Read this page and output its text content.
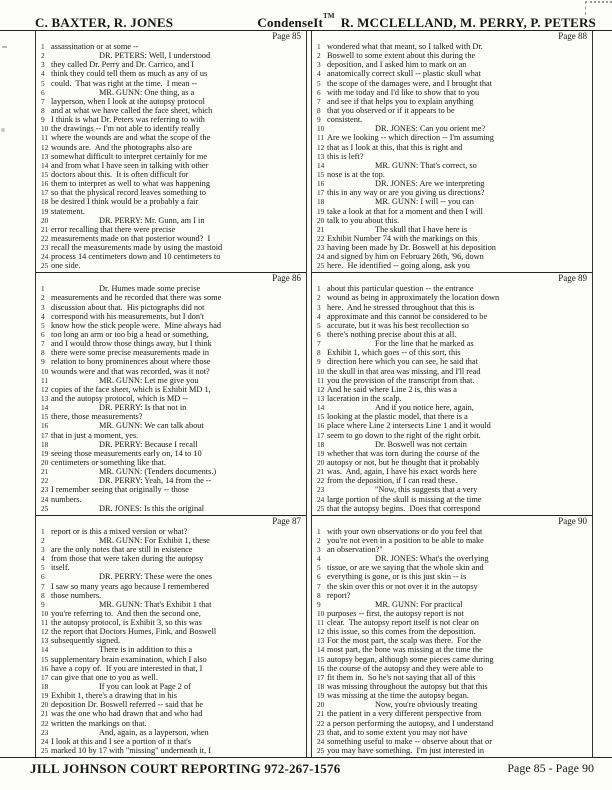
C. BAXTER, R. JONES	CondenseIt™ R. MCCLELLAND, M. PERRY, P. PETERS
Page 85
1 assassination or at some --
2	DR. PETERS: Well, I understood
3 they called Dr. Perry and Dr. Carrico, and I
4 think they could tell them as much as any of us
5 could.  That was right at the time.  I mean --
6	MR. GUNN: One thing, as a
7 layperson, when I look at the autopsy protocol
8 and at what we have called the face sheet, which
9 I think is what Dr. Peters was referring to with
10 the drawings -- I'm not able to identify really
11 where the wounds are and what the scope of the
12 wounds are.  And the photographs also are
13 somewhat difficult to interpret certainly for me
14 and from what I have seen in talking with other
15 doctors about this.  It is often difficult for
16 them to interpret as well to what was happening
17 so that the physical record leaves something to
18 be desired I think would be a probably a fair
19 statement.
20	DR. PERRY: Mr. Gunn, am I in
21 error recalling that there were precise
22 measurements made on that posterior wound?  I
23 recall the measurements made by using the mastoid
24 process 14 centimeters down and 10 centimeters to
25 one side.
Page 86
1	Dr. Humes made some precise
2 measurements and he recorded that there was some
3 discussion about that.  His pictographs did not
4 correspond with his measurements, but I don't
5 know how the stick people were.  Mine always had
6 too long an arm or too big a head or something,
7 and I would throw those things away, but I think
8 there were some precise measurements made in
9 relation to bony prominences about where those
10 wounds were and that was recorded, was it not?
11	MR. GUNN: Let me give you
12 copies of the face sheet, which is Exhibit MD 1,
13 and the autopsy protocol, which is MD --
14	DR. PERRY: Is that not in
15 there, those measurements?
16	MR. GUNN: We can talk about
17 that in just a moment, yes.
18	DR. PERRY: Because I recall
19 seeing those measurements early on, 14 to 10
20 centimeters or something like that.
21	MR. GUNN: (Tenders documents.)
22	DR. PERRY: Yeah, 14 from the --
23 I remember seeing that originally -- those
24 numbers.
25	DR. JONES: Is this the original
Page 87
1 report or is this a mixed version or what?
2	MR. GUNN: For Exhibit 1, these
3 are the only notes that are still in existence
4 from those that were taken during the autopsy
5 itself.
6	DR. PERRY: These were the ones
7 I saw so many years ago because I remembered
8 those numbers.
9	MR. GUNN: That's Exhibit 1 that
10 you're referring to.  And then the second one,
11 the autopsy protocol, is Exhibit 3, so this was
12 the report that Doctors Humes, Fink, and Boswell
13 subsequently signed.
14	There is in addition to this a
15 supplementary brain examination, which I also
16 have a copy of.  If you are interested in that, I
17 can give that one to you as well.
18	If you can look at Page 2 of
19 Exhibit 1, there's a drawing that in his
20 deposition Dr. Boswell referred -- said that he
21 was the one who had drawn that and who had
22 written the markings on that.
23	And, again, as a layperson, when
24 I look at this and I see a portion of it that's
25 marked 10 by 17 with "missing" underneath it, I
Page 88
1 wondered what that meant, so I talked with Dr.
2 Boswell to some extent about this during the
3 deposition, and I asked him to mark on an
4 anatomically correct skull -- plastic skull what
5 the scope of the damages were, and I brought that
6 with me today and I'd like to show that to you
7 and see if that helps you to explain anything
8 that you observed or if it appears to be
9 consistent.
10	DR. JONES: Can you orient me?
11 Are we looking -- which direction -- I'm assuming
12 that as I look at this, that this is right and
13 this is left?
14	MR. GUNN: That's correct, so
15 nose is at the top.
16	DR. JONES: Are we interpreting
17 this in any way or are you giving us directions?
18	MR. GUNN: I will -- you can
19 take a look at that for a moment and then I will
20 talk to you about this.
21	The skull that I have here is
22 Exhibit Number 74 with the markings on this
23 having been made by Dr. Boswell at his deposition
24 and signed by him on February 26th, '96, down
25 here.  He identified -- going along, ask you
Page 89
1 about this particular question -- the entrance
2 wound as being in approximately the location down
3 here.  And he stressed throughout that this is
4 approximate and this cannot be considered to be
5 accurate, but it was his best recollection so
6 there's nothing precise about this at all.
7	For the line that he marked as
8 Exhibit 1, which goes -- of this sort, this
9 direction here which you can see, he said that
10 the skull in that area was missing, and I'll read
11 you the provision of the transcript from that.
12 And he said where Line 2 is, this was a
13 laceration in the scalp.
14	And if you notice here, again,
15 looking at the plastic model, that there is a
16 place where Line 2 intersects Line 1 and it would
17 seem to go down to the right of the right orbit.
18	Dr. Boswell was not certain
19 whether that was torn during the course of the
20 autopsy or not, but he thought that it probably
21 was.  And, again, I have his exact words here
22 from the deposition, if I can read these.
23	"Now, this suggests that a very
24 large portion of the skull is missing at the time
25 that the autopsy begins.  Does that correspond
Page 90
1 with your own observations or do you feel that
2 you're not even in a position to be able to make
3 an observation?"
4	DR. JONES: What's the overlying
5 tissue, or are we saying that the whole skin and
6 everything is gone, or is this just skin -- is
7 the skin over this or not over it in the autopsy
8 report?
9	MR. GUNN: For practical
10 purposes -- first, the autopsy report is not
11 clear.  The autopsy report itself is not clear on
12 this issue, so this comes from the deposition.
13 For the most part, the scalp was there.  For the
14 most part, the bone was missing at the time the
15 autopsy began, although some pieces came during
16 the course of the autopsy and they were able to
17 fit them in.  So he's not saying that all of this
18 was missing throughout the autopsy but that this
19 was missing at the time the autopsy began.
20	Now, you're obviously treating
21 the patient in a very different perspective from
22 a person performing the autopsy, and I understand
23 that, and to some extent you may not have
24 something useful to make -- observe about that or
25 you may have something.  I'm just interested in
JILL JOHNSON COURT REPORTING 972-267-1576	Page 85 - Page 90
